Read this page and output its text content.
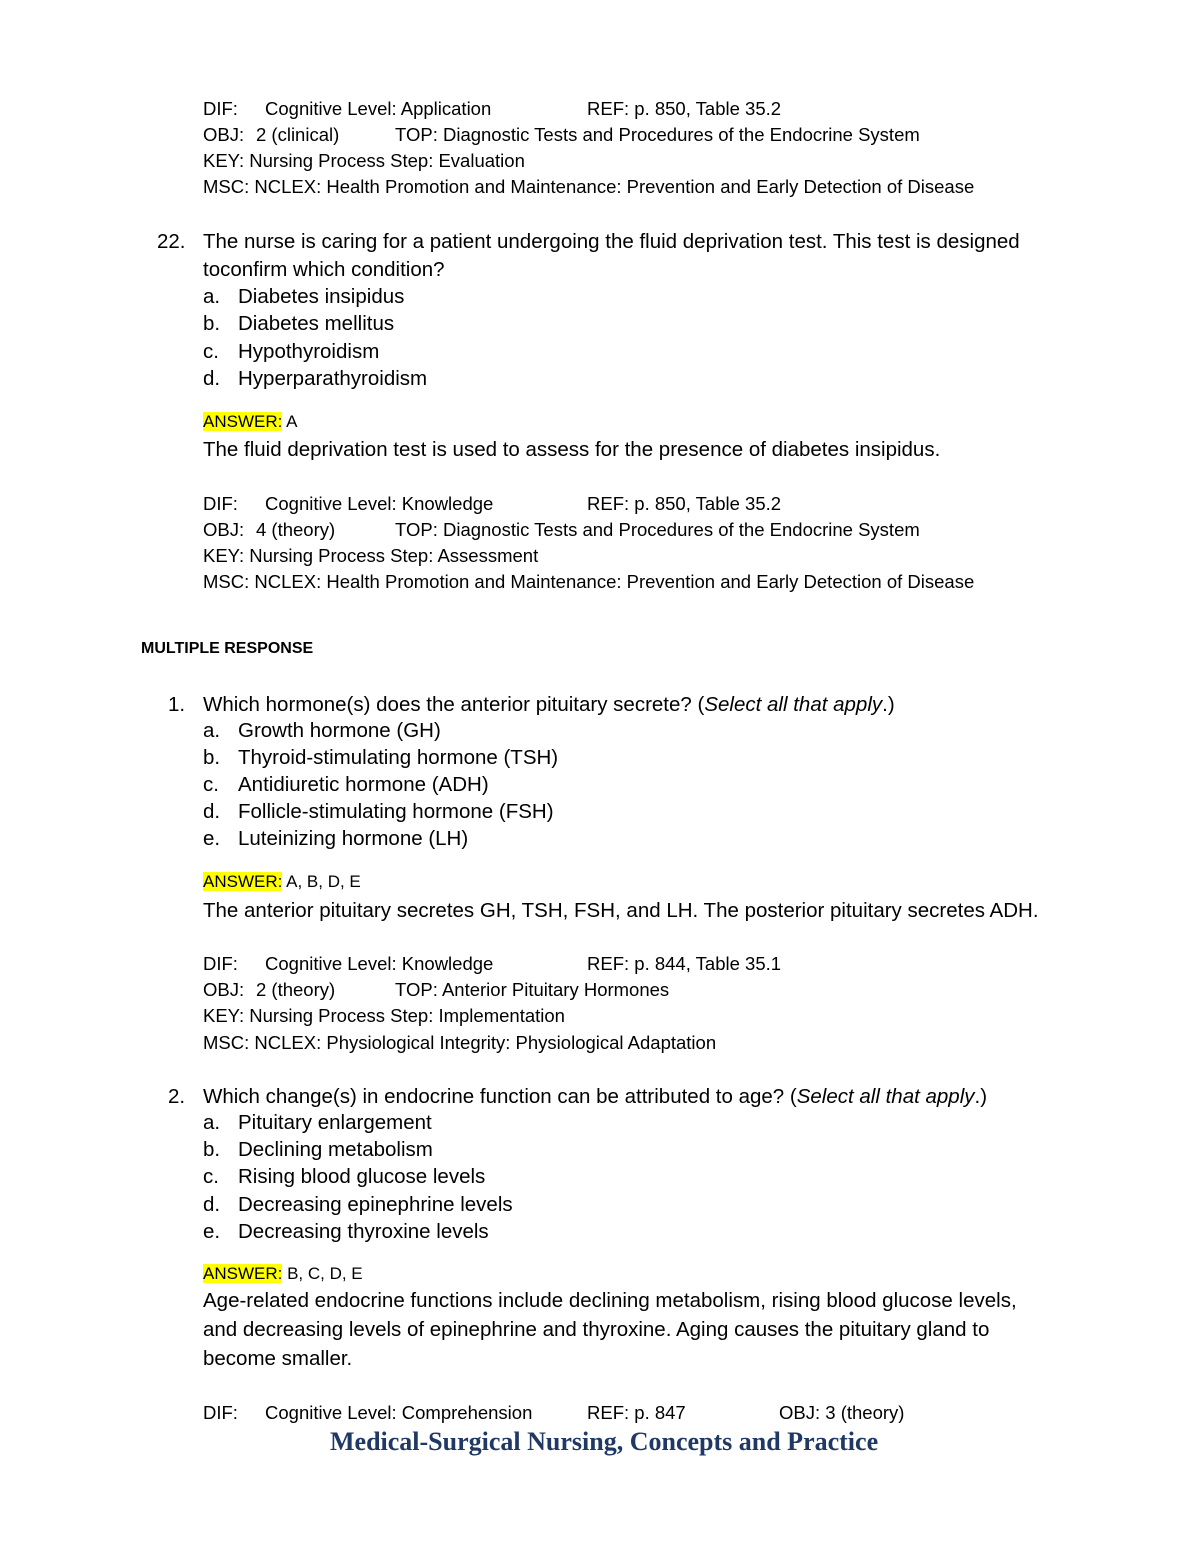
DIF: Cognitive Level: Application	REF: p. 850, Table 35.2
OBJ: 2 (clinical)	TOP: Diagnostic Tests and Procedures of the Endocrine System
KEY: Nursing Process Step: Evaluation
MSC: NCLEX: Health Promotion and Maintenance: Prevention and Early Detection of Disease
22. The nurse is caring for a patient undergoing the fluid deprivation test. This test is designed
toconfirm which condition?
a. Diabetes insipidus
b. Diabetes mellitus
c. Hypothyroidism
d. Hyperparathyroidism
ANSWER: A
The fluid deprivation test is used to assess for the presence of diabetes insipidus.
DIF: Cognitive Level: Knowledge	REF: p. 850, Table 35.2
OBJ: 4 (theory)	TOP: Diagnostic Tests and Procedures of the Endocrine System
KEY: Nursing Process Step: Assessment
MSC: NCLEX: Health Promotion and Maintenance: Prevention and Early Detection of Disease
MULTIPLE RESPONSE
1. Which hormone(s) does the anterior pituitary secrete? (Select all that apply.)
a. Growth hormone (GH)
b. Thyroid-stimulating hormone (TSH)
c. Antidiuretic hormone (ADH)
d. Follicle-stimulating hormone (FSH)
e. Luteinizing hormone (LH)
ANSWER: A, B, D, E
The anterior pituitary secretes GH, TSH, FSH, and LH. The posterior pituitary secretes ADH.
DIF: Cognitive Level: Knowledge	REF: p. 844, Table 35.1
OBJ: 2 (theory)	TOP: Anterior Pituitary Hormones
KEY: Nursing Process Step: Implementation
MSC: NCLEX: Physiological Integrity: Physiological Adaptation
2. Which change(s) in endocrine function can be attributed to age? (Select all that apply.)
a. Pituitary enlargement
b. Declining metabolism
c. Rising blood glucose levels
d. Decreasing epinephrine levels
e. Decreasing thyroxine levels
ANSWER: B, C, D, E
Age-related endocrine functions include declining metabolism, rising blood glucose levels,
and decreasing levels of epinephrine and thyroxine. Aging causes the pituitary gland to
become smaller.
DIF: Cognitive Level: Comprehension	REF: p. 847	OBJ: 3 (theory)
Medical-Surgical Nursing, Concepts and Practice
